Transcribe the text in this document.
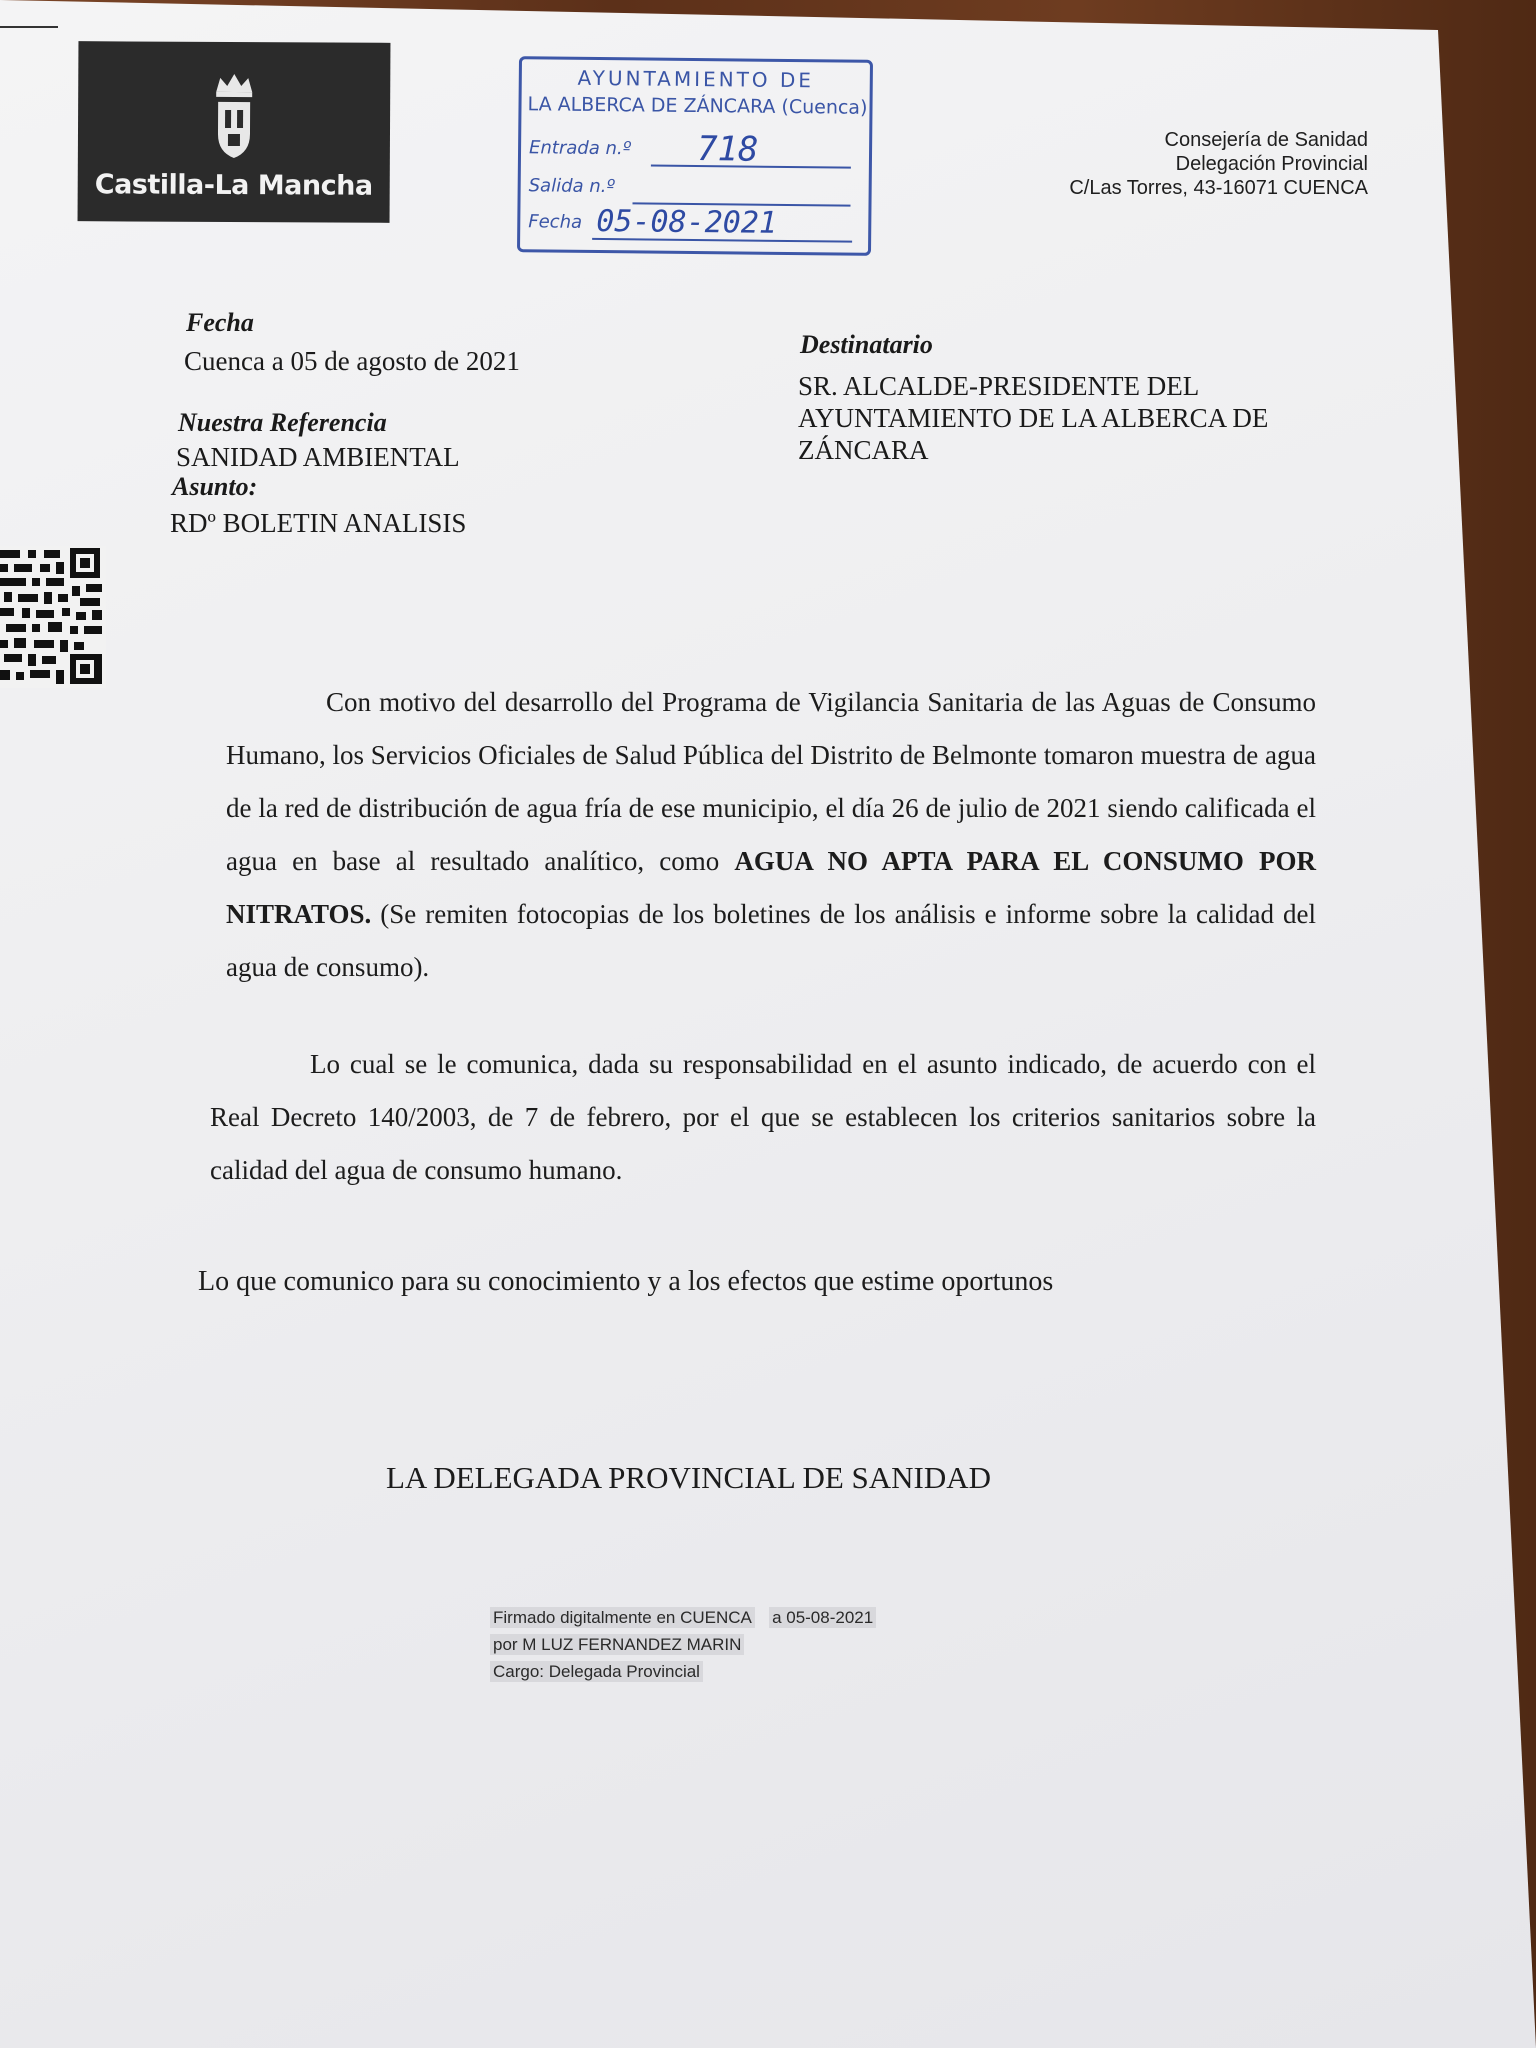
Castilla-La Mancha
AYUNTAMIENTO DE
LA ALBERCA DE ZÁNCARA (Cuenca)
Entrada n.º 718
Salida n.º
Fecha 05-08-2021
Consejería de Sanidad
Delegación Provincial
C/Las Torres, 43-16071 CUENCA
Fecha
Cuenca a 05 de agosto de 2021
Nuestra Referencia
SANIDAD AMBIENTAL
Asunto:
RDº BOLETIN ANALISIS
Destinatario
SR. ALCALDE-PRESIDENTE DEL
AYUNTAMIENTO DE LA ALBERCA DE
ZÁNCARA
Con motivo del desarrollo del Programa de Vigilancia Sanitaria de las Aguas de Consumo Humano, los Servicios Oficiales de Salud Pública del Distrito de Belmonte tomaron muestra de agua de la red de distribución de agua fría de ese municipio, el día 26 de julio de 2021 siendo calificada el agua en base al resultado analítico, como AGUA NO APTA PARA EL CONSUMO POR NITRATOS. (Se remiten fotocopias de los boletines de los análisis e informe sobre la calidad del agua de consumo).
Lo cual se le comunica, dada su responsabilidad en el asunto indicado, de acuerdo con el Real Decreto 140/2003, de 7 de febrero, por el que se establecen los criterios sanitarios sobre la calidad del agua de consumo humano.
Lo que comunico para su conocimiento y a los efectos que estime oportunos
LA DELEGADA PROVINCIAL DE SANIDAD
Firmado digitalmente en CUENCA a 05-08-2021
por M LUZ FERNANDEZ MARIN
Cargo: Delegada Provincial
